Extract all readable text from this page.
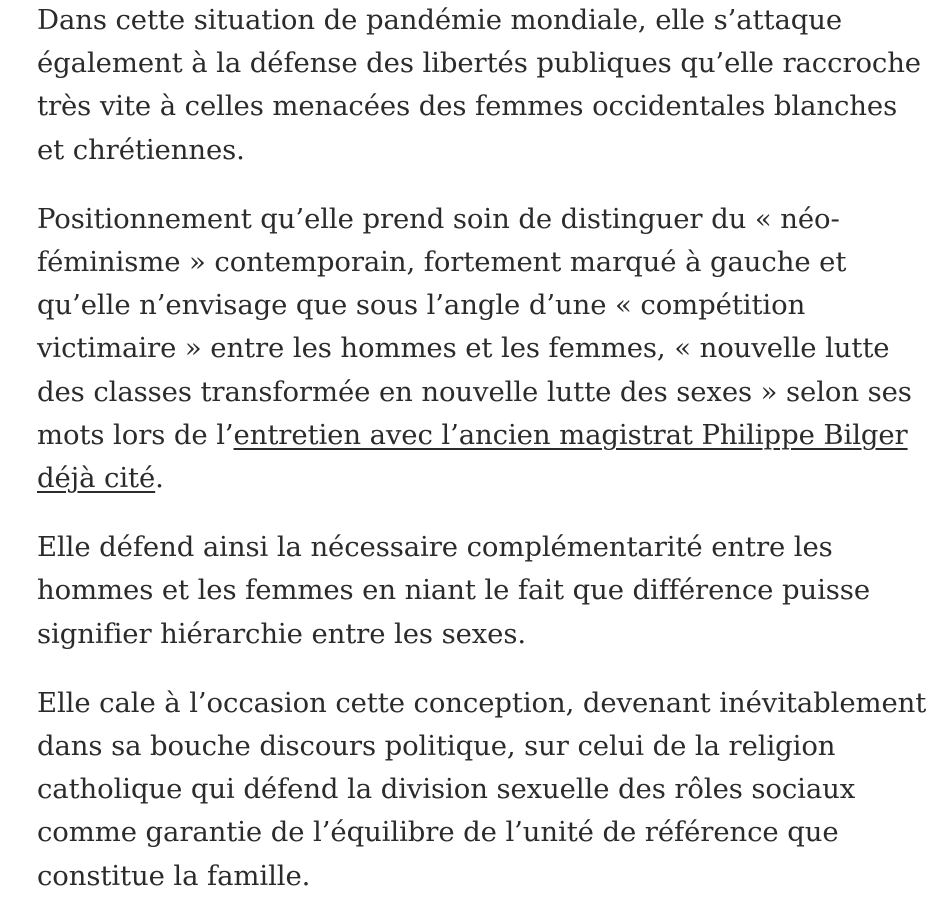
Dans cette situation de pandémie mondiale, elle s’attaque également à la défense des libertés publiques qu’elle raccroche très vite à celles menacées des femmes occidentales blanches et chrétiennes.

Positionnement qu’elle prend soin de distinguer du « néo-féminisme » contemporain, fortement marqué à gauche et qu’elle n’envisage que sous l’angle d’une « compétition victimaire » entre les hommes et les femmes, « nouvelle lutte des classes transformée en nouvelle lutte des sexes » selon ses mots lors de l’entretien avec l’ancien magistrat Philippe Bilger déjà cité.

Elle défend ainsi la nécessaire complémentarité entre les hommes et les femmes en niant le fait que différence puisse signifier hiérarchie entre les sexes.

Elle cale à l’occasion cette conception, devenant inévitablement dans sa bouche discours politique, sur celui de la religion catholique qui défend la division sexuelle des rôles sociaux comme garantie de l’équilibre de l’unité de référence que constitue la famille.
